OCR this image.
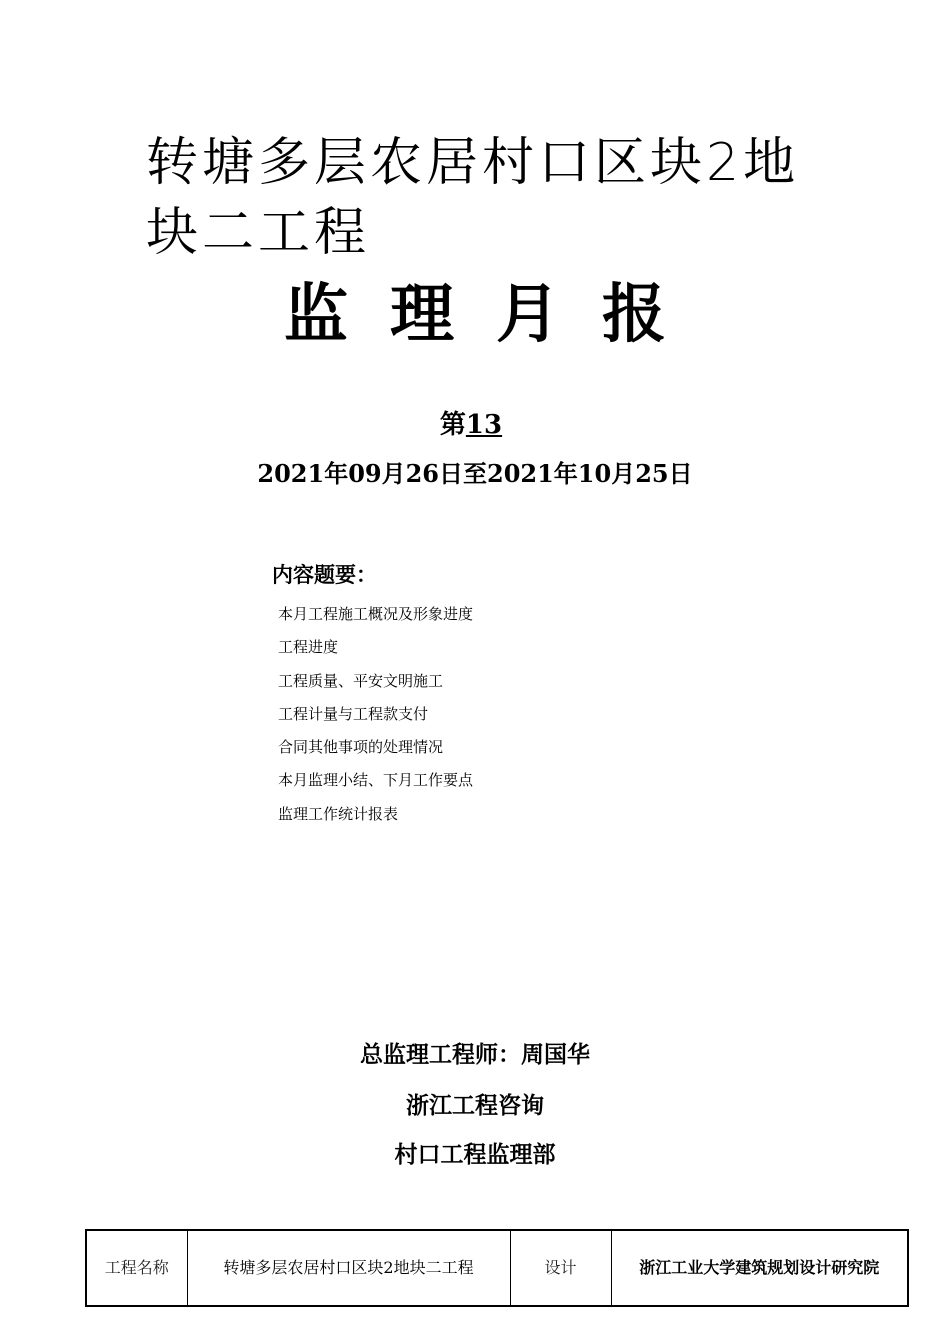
转塘多层农居村口区块2地块二工程
监理月报
第13
2021年09月26日至2021年10月25日
内容题要：
本月工程施工概况及形象进度
工程进度
工程质量、平安文明施工
工程计量与工程款支付
合同其他事项的处理情况
本月监理小结、下月工作要点
监理工作统计报表
总监理工程师：周国华
浙江工程咨询
村口工程监理部
工程名称	转塘多层农居村口区块2地块二工程	设计	浙江工业大学建筑规划设计研究院
